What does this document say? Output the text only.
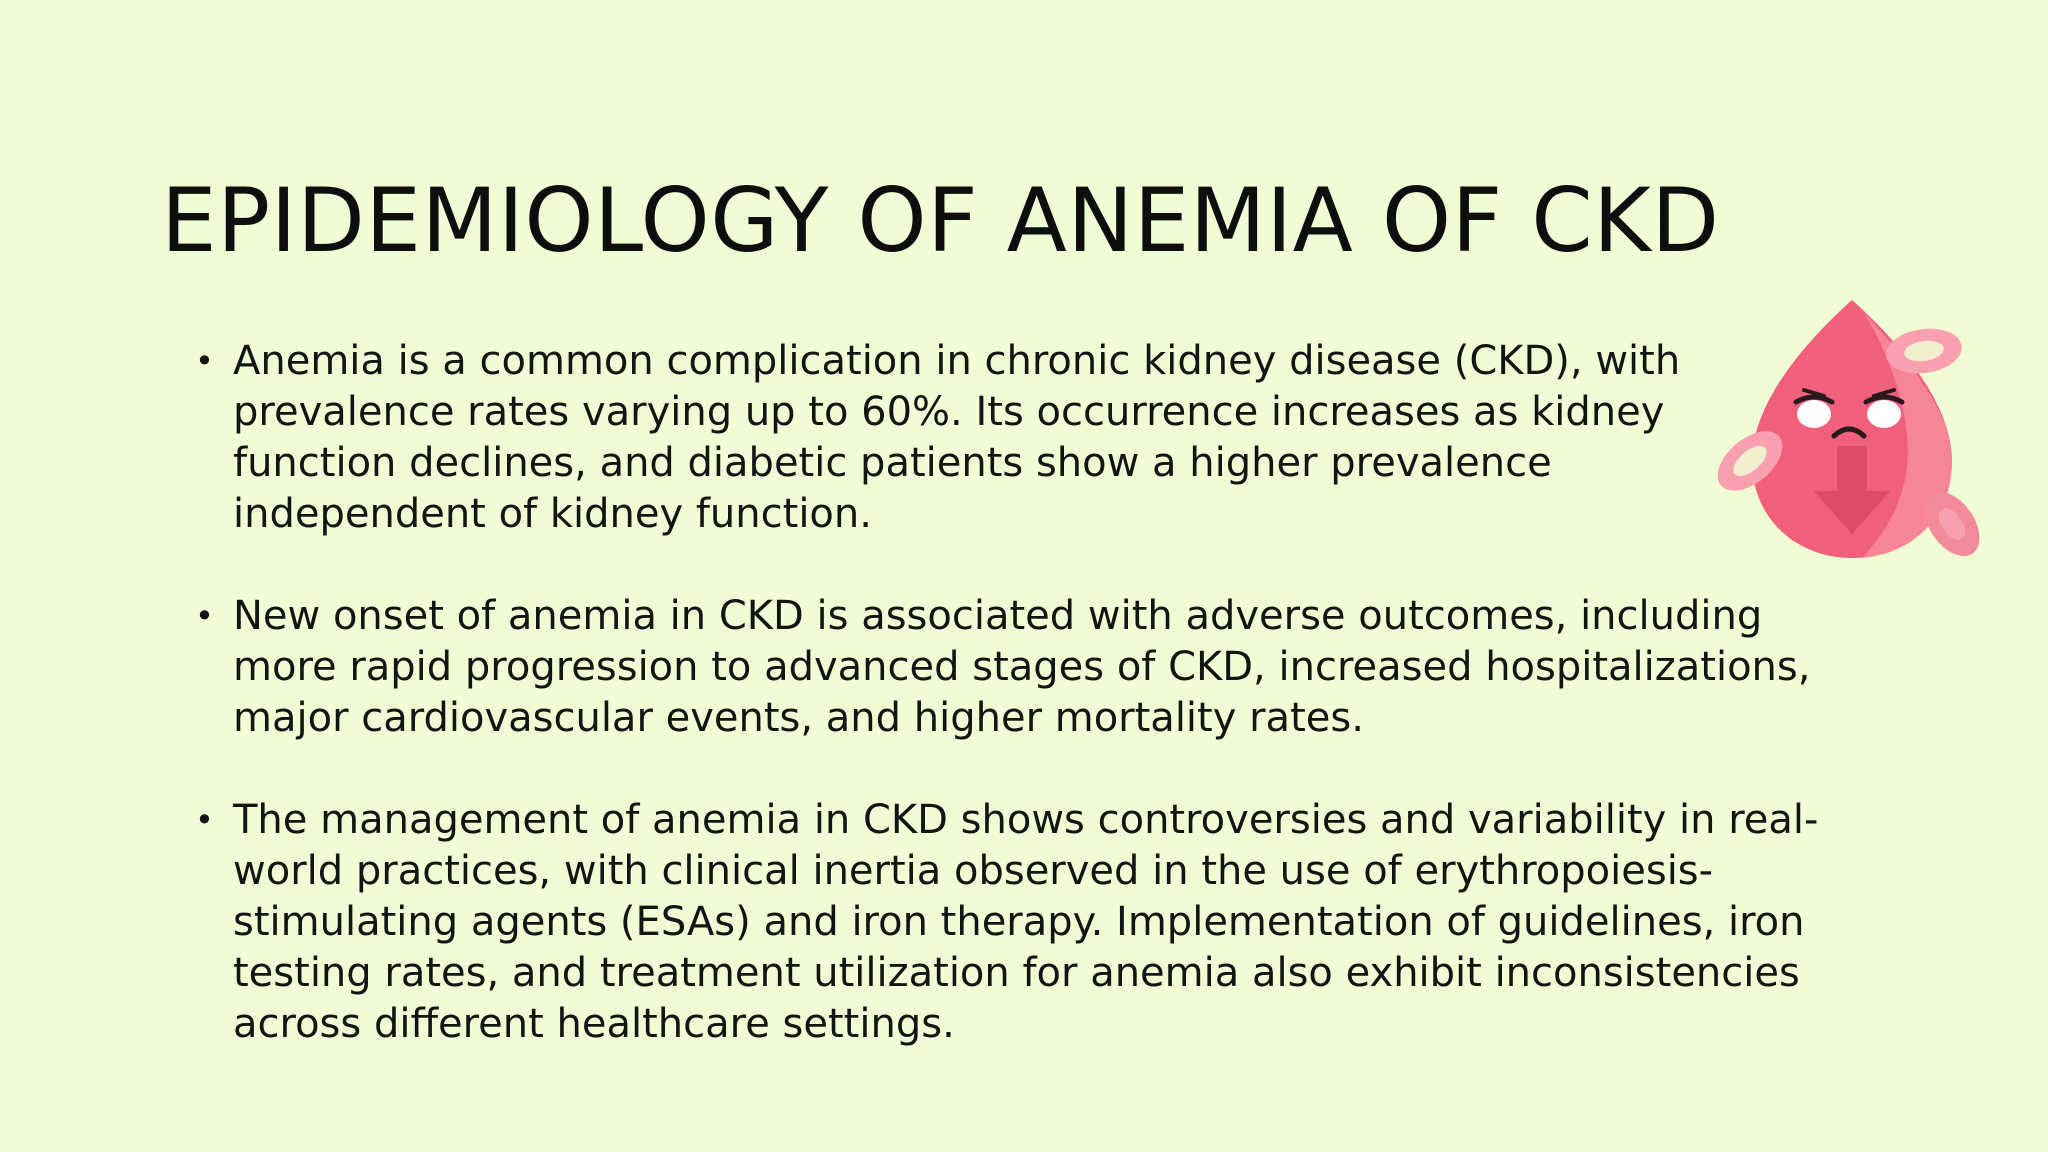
EPIDEMIOLOGY OF ANEMIA OF CKD
• Anemia is a common complication in chronic kidney disease (CKD), with prevalence rates varying up to 60%. Its occurrence increases as kidney function declines, and diabetic patients show a higher prevalence independent of kidney function.
• New onset of anemia in CKD is associated with adverse outcomes, including more rapid progression to advanced stages of CKD, increased hospitalizations, major cardiovascular events, and higher mortality rates.
• The management of anemia in CKD shows controversies and variability in real-world practices, with clinical inertia observed in the use of erythropoiesis-stimulating agents (ESAs) and iron therapy. Implementation of guidelines, iron testing rates, and treatment utilization for anemia also exhibit inconsistencies across different healthcare settings.
